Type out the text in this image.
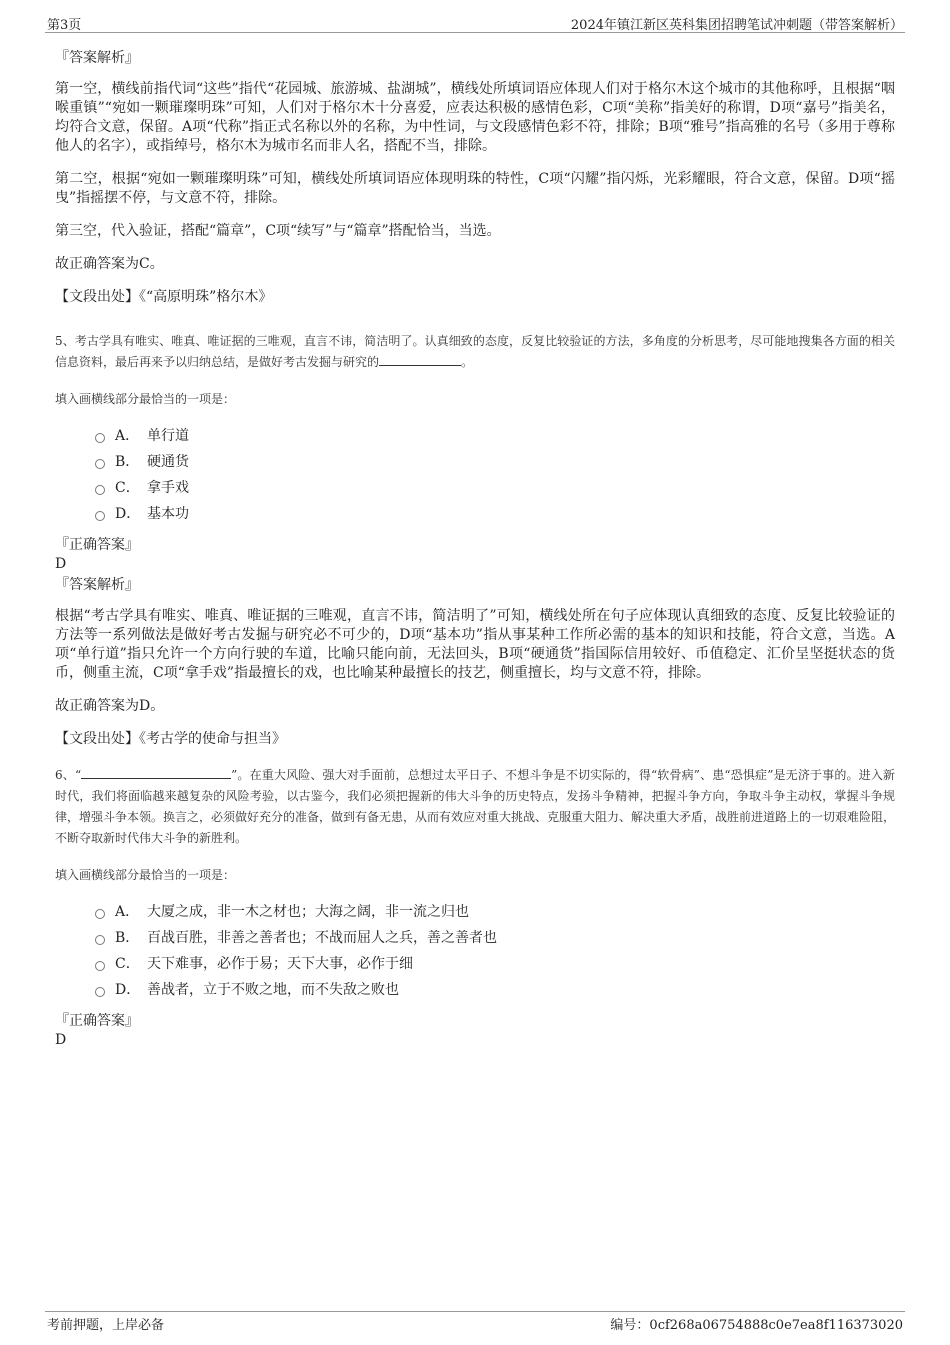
第3页	2024年镇江新区英科集团招聘笔试冲刺题（带答案解析）

『答案解析』

第一空，横线前指代词“这些”指代“花园城、旅游城、盐湖城”，横线处所填词语应体现人们对于格尔木这个城市的其他称呼，且根据“咽喉重镇”“宛如一颗璀璨明珠”可知，人们对于格尔木十分喜爱，应表达积极的感情色彩，C项“美称”指美好的称谓，D项“嘉号”指美名，均符合文意，保留。A项“代称”指正式名称以外的名称，为中性词，与文段感情色彩不符，排除；B项“雅号”指高雅的名号（多用于尊称他人的名字），或指绰号，格尔木为城市名而非人名，搭配不当，排除。

第二空，根据“宛如一颗璀璨明珠”可知，横线处所填词语应体现明珠的特性，C项“闪耀”指闪烁，光彩耀眼，符合文意，保留。D项“摇曳”指摇摆不停，与文意不符，排除。

第三空，代入验证，搭配“篇章”，C项“续写”与“篇章”搭配恰当，当选。

故正确答案为C。

【文段出处】《“高原明珠”格尔木》

5、考古学具有唯实、唯真、唯证据的三唯观，直言不讳，简洁明了。认真细致的态度，反复比较验证的方法，多角度的分析思考，尽可能地搜集各方面的相关信息资料，最后再来予以归纳总结，是做好考古发掘与研究的	。

填入画横线部分最恰当的一项是：

A． 单行道
B． 硬通货
C． 拿手戏
D． 基本功

『正确答案』

D

『答案解析』

根据“考古学具有唯实、唯真、唯证据的三唯观，直言不讳，简洁明了”可知，横线处所在句子应体现认真细致的态度、反复比较验证的方法等一系列做法是做好考古发掘与研究必不可少的，D项“基本功”指从事某种工作所必需的基本的知识和技能，符合文意，当选。A项“单行道”指只允许一个方向行驶的车道，比喻只能向前，无法回头，B项“硬通货”指国际信用较好、币值稳定、汇价呈坚挺状态的货币，侧重主流，C项“拿手戏”指最擅长的戏，也比喻某种最擅长的技艺，侧重擅长，均与文意不符，排除。

故正确答案为D。

【文段出处】《考古学的使命与担当》

6、“	”。在重大风险、强大对手面前，总想过太平日子、不想斗争是不切实际的，得“软骨病”、患“恐惧症”是无济于事的。进入新时代，我们将面临越来越复杂的风险考验，以古鉴今，我们必须把握新的伟大斗争的历史特点，发扬斗争精神，把握斗争方向，争取斗争主动权，掌握斗争规律，增强斗争本领。换言之，必须做好充分的准备，做到有备无患，从而有效应对重大挑战、克服重大阻力、解决重大矛盾，战胜前进道路上的一切艰难险阻，不断夺取新时代伟大斗争的新胜利。

填入画横线部分最恰当的一项是：

A． 大厦之成，非一木之材也；大海之阔，非一流之归也
B． 百战百胜，非善之善者也；不战而屈人之兵，善之善者也
C． 天下难事，必作于易；天下大事，必作于细
D． 善战者，立于不败之地，而不失敌之败也

『正确答案』

D

考前押题，上岸必备	编号：0cf268a06754888c0e7ea8f116373020
